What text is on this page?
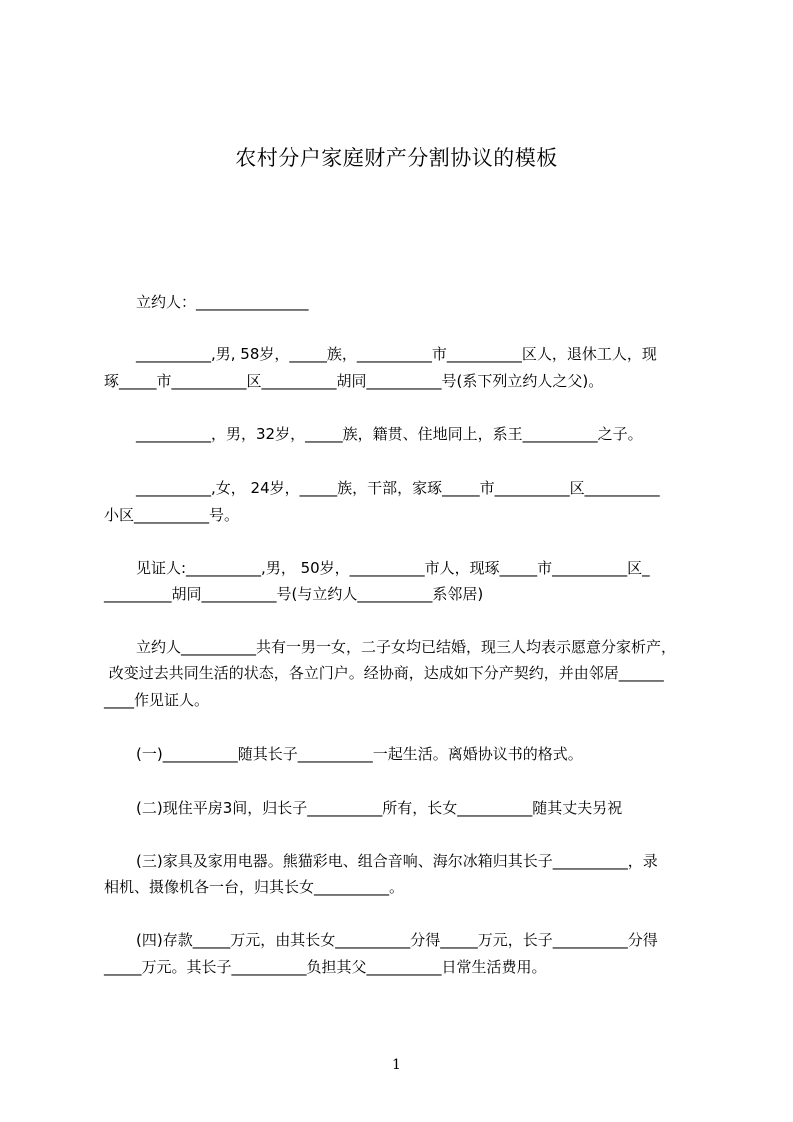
农村分户家庭财产分割协议的模板
立约人：_______________
__________,男, 58岁，_____族，__________市__________区人，退休工人，现
琢_____市__________区__________胡同__________号(系下列立约人之父)。
__________，男，32岁，_____族，籍贯、住地同上，系王__________之子。
__________,女， 24岁，_____族，干部，家琢_____市__________区__________
小区__________号。
见证人:__________,男， 50岁，__________市人，现琢_____市__________区_
_________胡同__________号(与立约人__________系邻居)
立约人__________共有一男一女，二子女均已结婚，现三人均表示愿意分家析产，
改变过去共同生活的状态，各立门户。经协商，达成如下分产契约，并由邻居______
____作见证人。
(一)__________随其长子__________一起生活。离婚协议书的格式。
(二)现住平房3间，归长子__________所有，长女__________随其丈夫另祝
(三)家具及家用电器。熊猫彩电、组合音响、海尔冰箱归其长子__________，录
相机、摄像机各一台，归其长女__________。
(四)存款_____万元，由其长女__________分得_____万元，长子__________分得
_____万元。其长子__________负担其父__________日常生活费用。
1
